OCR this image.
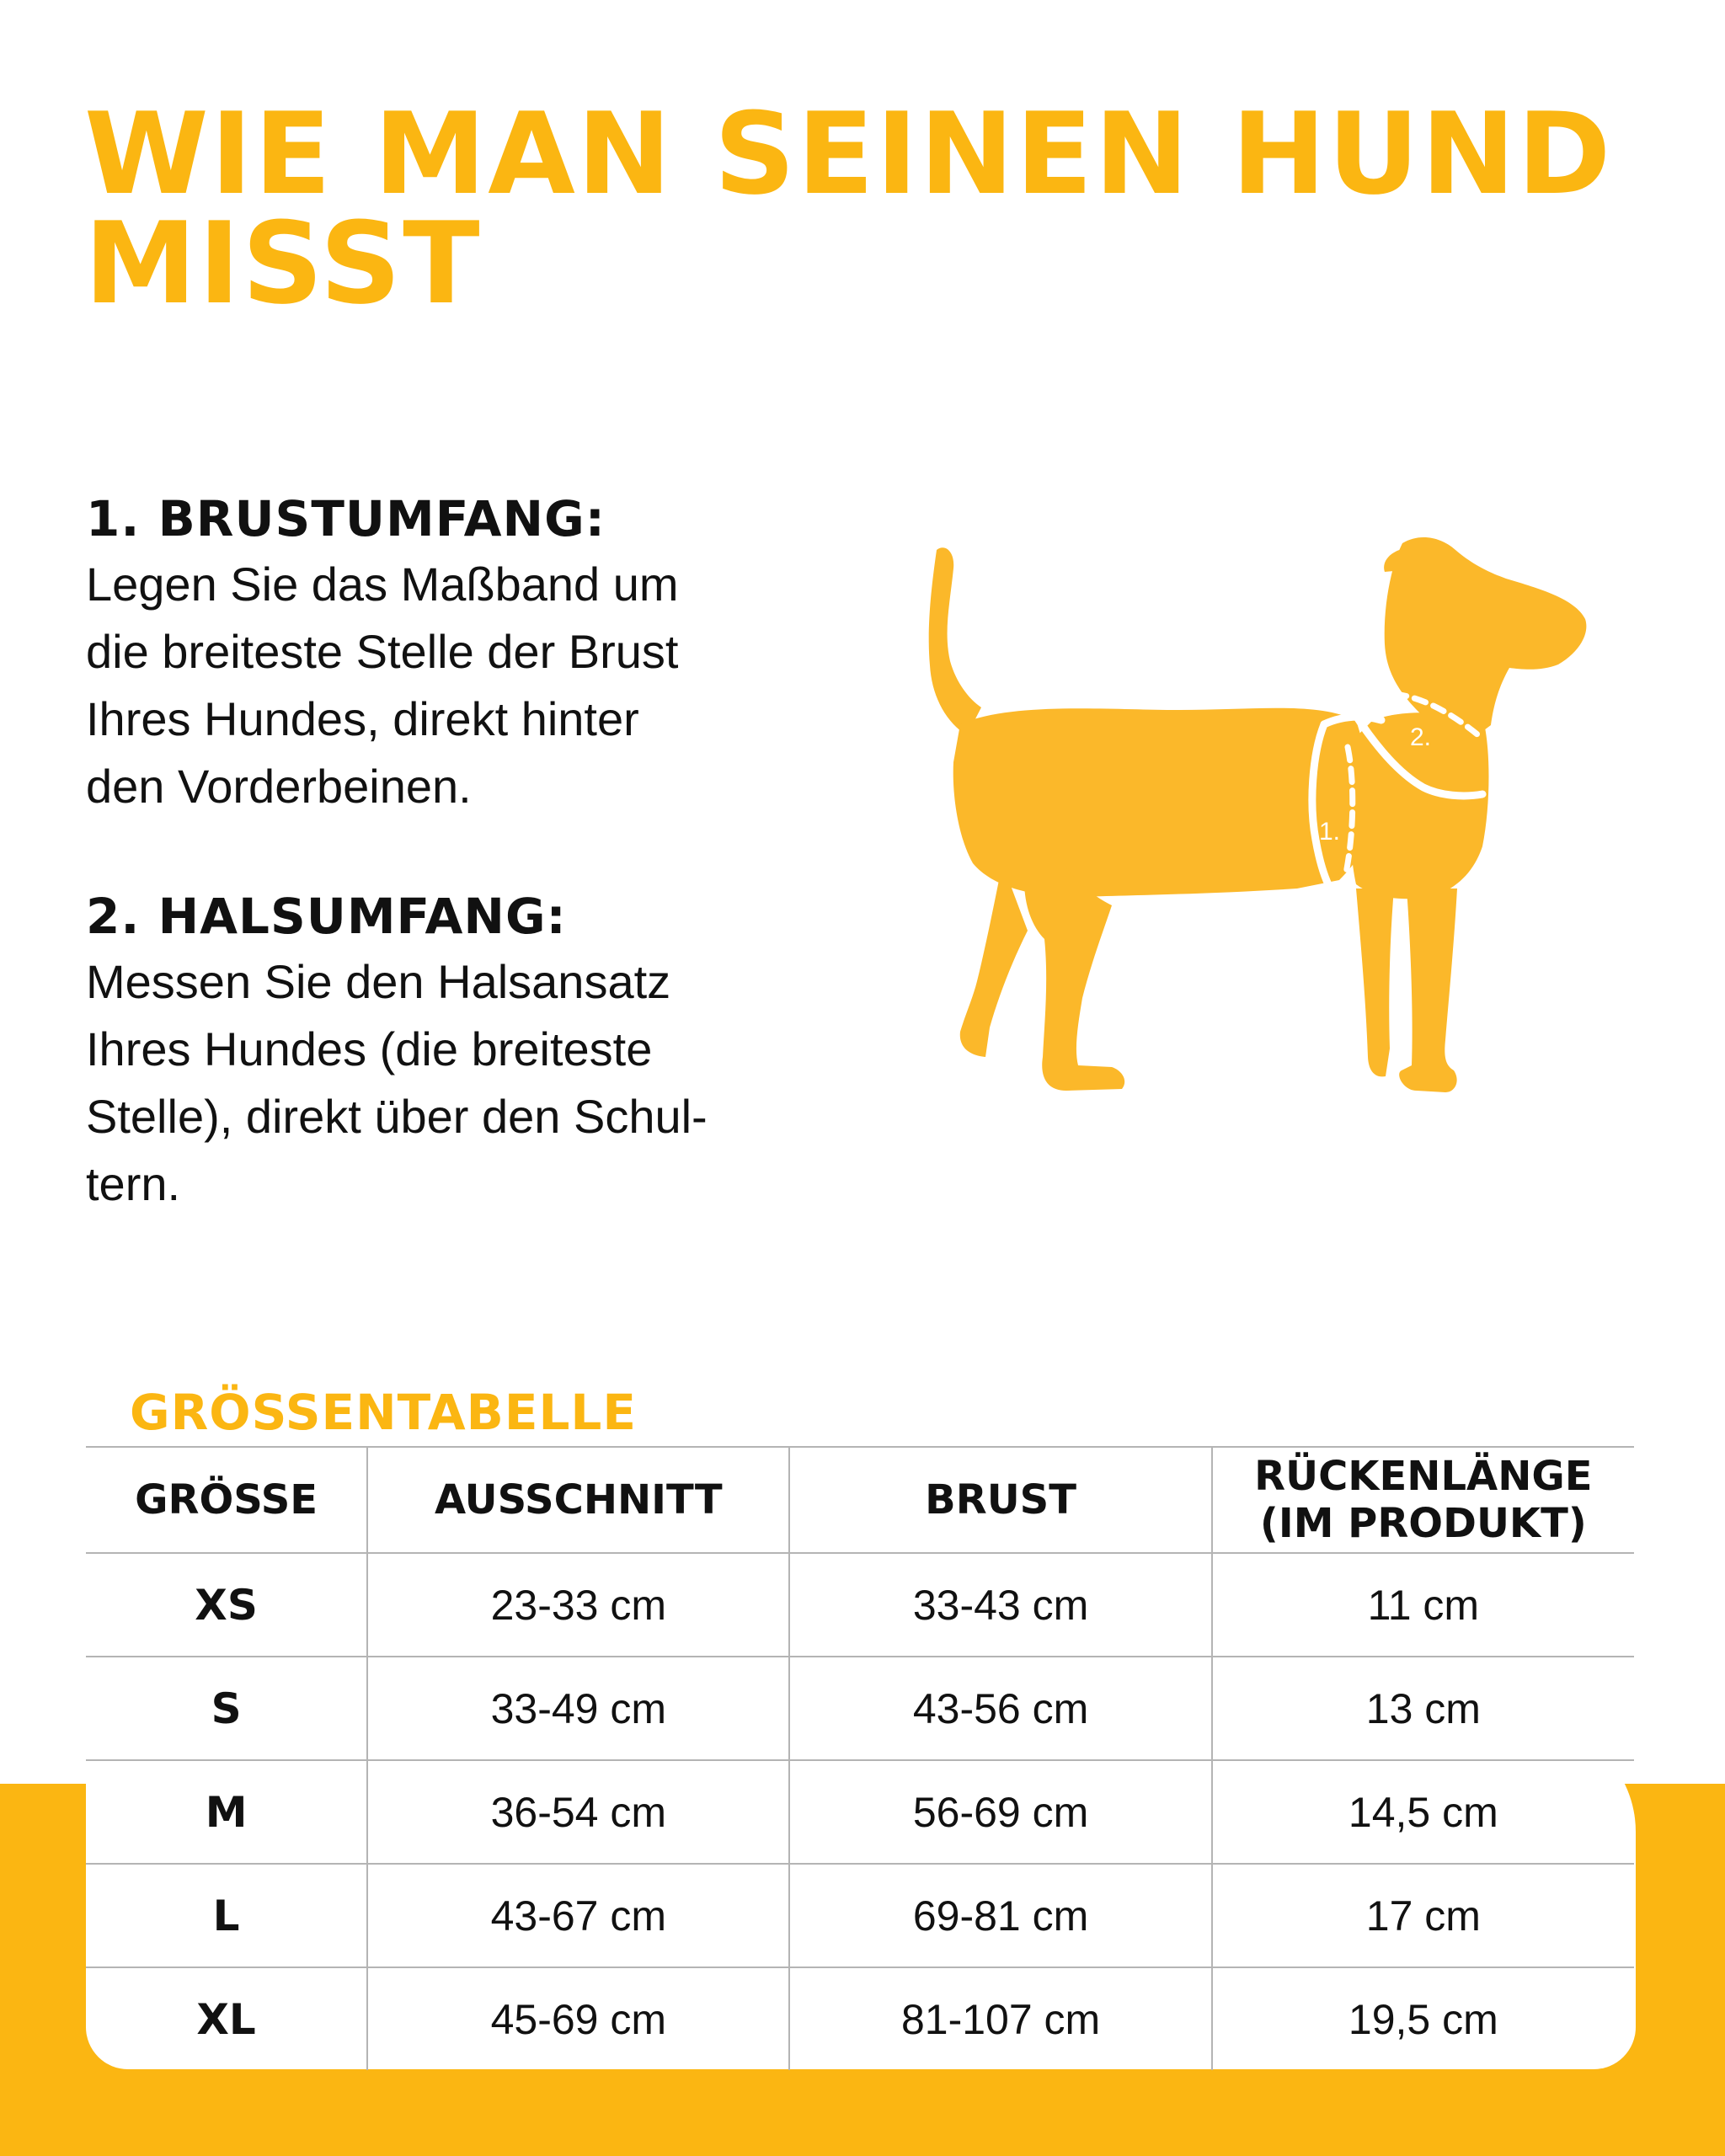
WIE MAN SEINEN HUND MISST

1. BRUSTUMFANG:

Legen Sie das Maßband um

die breiteste Stelle der Brust

Ihres Hundes, direkt hinter

den Vorderbeinen.

2. HALSUMFANG:

Messen Sie den Halsansatz

Ihres Hundes (die breiteste

Stelle), direkt über den Schul-

tern.

1.
2.
GRÖSSENTABELLE
GRÖSSE	AUSSCHNITT	BRUST	RÜCKENLÄNGE
(IM PRODUKT)
XS	23-33 cm	33-43 cm	11 cm
S	33-49 cm	43-56 cm	13 cm
M	36-54 cm	56-69 cm	14,5 cm
L	43-67 cm	69-81 cm	17 cm
XL	45-69 cm	81-107 cm	19,5 cm
